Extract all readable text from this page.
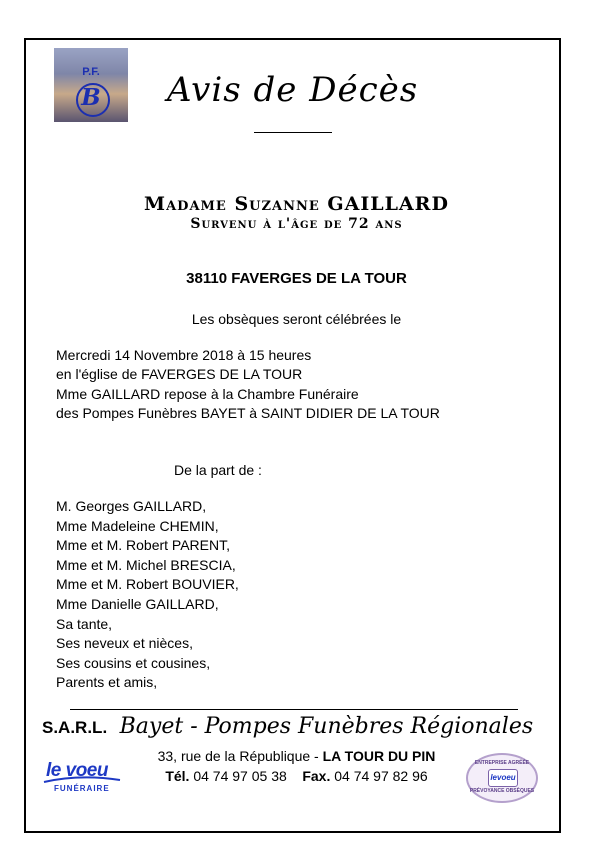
P.F.
B	Avis de Décès
Madame Suzanne GAILLARD
Survenu à l'âge de 72 ans
38110 FAVERGES DE LA TOUR
Les obsèques seront célébrées le
Mercredi 14 Novembre 2018 à 15 heures
en l'église de FAVERGES DE LA TOUR
Mme GAILLARD repose à la Chambre Funéraire
des Pompes Funèbres BAYET à SAINT DIDIER DE LA TOUR
De la part de :
M. Georges GAILLARD,
Mme Madeleine CHEMIN,
Mme et M. Robert PARENT,
Mme et M. Michel BRESCIA,
Mme et M. Robert BOUVIER,
Mme Danielle GAILLARD,
Sa tante,
Ses neveux et nièces,
Ses cousins et cousines,
Parents et amis,
S.A.R.L. Bayet - Pompes Funèbres Régionales
le voeu
FUNÉRAIRE
33, rue de la République - LA TOUR DU PIN
Tél. 04 74 97 05 38 Fax. 04 74 97 82 96
ENTREPRISE AGRÉÉE
levoeu
PRÉVOYANCE OBSÈQUES
